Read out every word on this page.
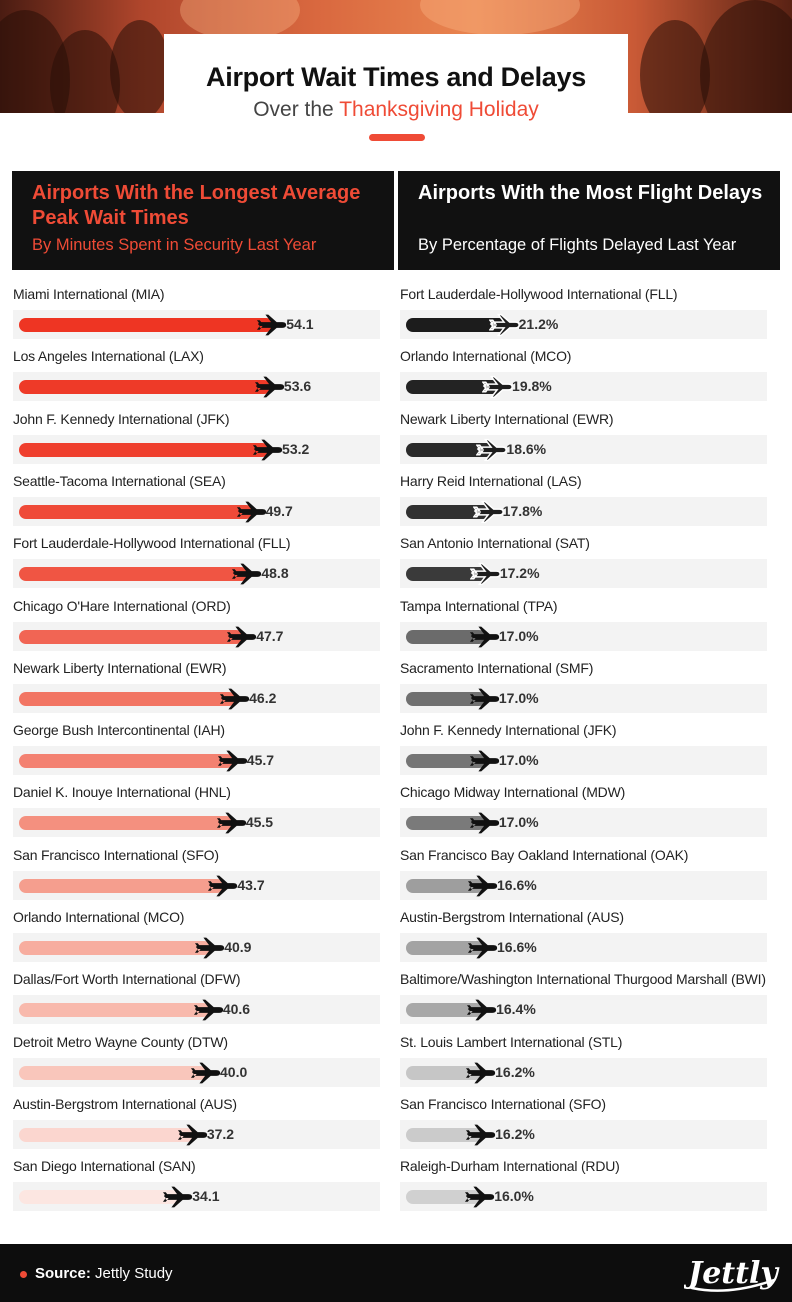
Airport Wait Times and Delays
Over the Thanksgiving Holiday
Airports With the Longest Average Peak Wait Times
By Minutes Spent in Security Last Year
Airports With the Most Flight Delays
By Percentage of Flights Delayed Last Year
Miami International (MIA)
54.1
Los Angeles International (LAX)
53.6
John F. Kennedy International (JFK)
53.2
Seattle-Tacoma International (SEA)
49.7
Fort Lauderdale-Hollywood International (FLL)
48.8
Chicago O'Hare International (ORD)
47.7
Newark Liberty International (EWR)
46.2
George Bush Intercontinental (IAH)
45.7
Daniel K. Inouye International (HNL)
45.5
San Francisco International (SFO)
43.7
Orlando International (MCO)
40.9
Dallas/Fort Worth International (DFW)
40.6
Detroit Metro Wayne County (DTW)
40.0
Austin-Bergstrom International (AUS)
37.2
San Diego International (SAN)
34.1
Fort Lauderdale-Hollywood International (FLL)
21.2%
Orlando International (MCO)
19.8%
Newark Liberty International (EWR)
18.6%
Harry Reid International (LAS)
17.8%
San Antonio International (SAT)
17.2%
Tampa International (TPA)
17.0%
Sacramento International (SMF)
17.0%
John F. Kennedy International (JFK)
17.0%
Chicago Midway International (MDW)
17.0%
San Francisco Bay Oakland International (OAK)
16.6%
Austin-Bergstrom International (AUS)
16.6%
Baltimore/Washington International Thurgood Marshall (BWI)
16.4%
St. Louis Lambert International (STL)
16.2%
San Francisco International (SFO)
16.2%
Raleigh-Durham International (RDU)
16.0%
Source: Jettly Study	Jettly
